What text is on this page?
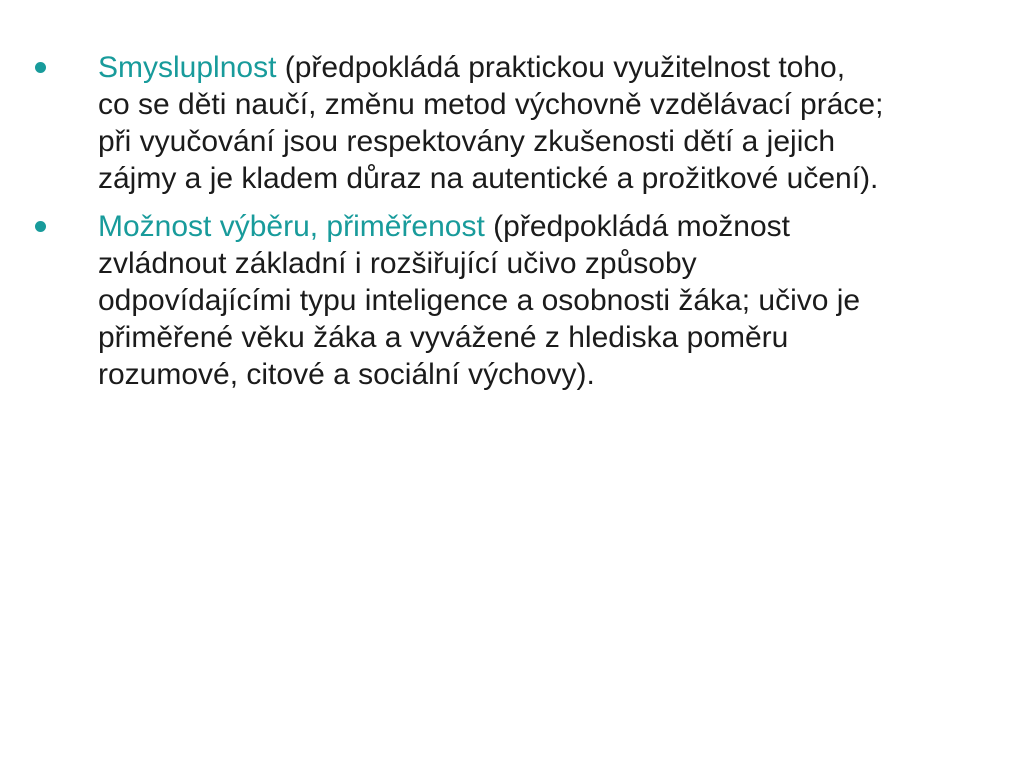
Smysluplnost (předpokládá praktickou využitelnost toho,
co se děti naučí, změnu metod výchovně vzdělávací práce;
při vyučování jsou respektovány zkušenosti dětí a jejich
zájmy a je kladem důraz na autentické a prožitkové učení).
Možnost výběru, přiměřenost (předpokládá možnost
zvládnout základní i rozšiřující učivo způsoby
odpovídajícími typu inteligence a osobnosti žáka; učivo je
přiměřené věku žáka a vyvážené z hlediska poměru
rozumové, citové a sociální výchovy).
